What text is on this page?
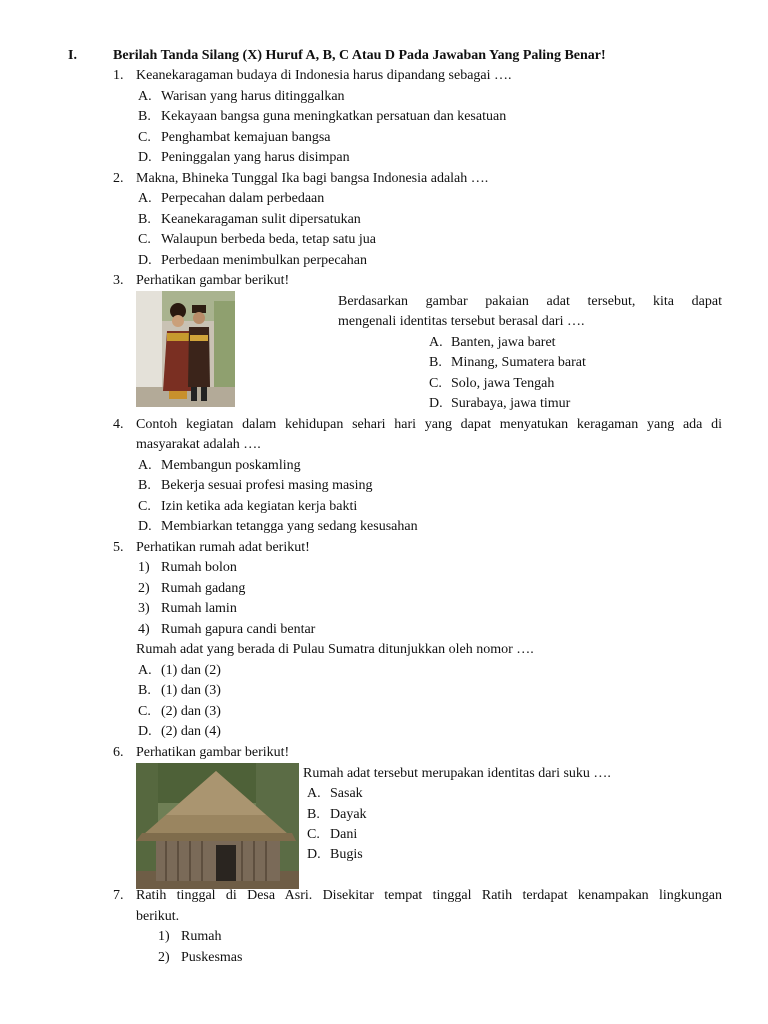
I.	Berilah Tanda Silang (X) Huruf A, B, C Atau D Pada Jawaban Yang Paling Benar!
1. Keanekaragaman budaya di Indonesia harus dipandang sebagai ….
A. Warisan yang harus ditinggalkan
B. Kekayaan bangsa guna meningkatkan persatuan dan kesatuan
C. Penghambat kemajuan bangsa
D. Peninggalan yang harus disimpan
2. Makna, Bhineka Tunggal Ika bagi bangsa Indonesia adalah ….
A. Perpecahan dalam perbedaan
B. Keanekaragaman sulit dipersatukan
C. Walaupun berbeda beda, tetap satu jua
D. Perbedaan menimbulkan perpecahan
3. Perhatikan gambar berikut!
Berdasarkan gambar pakaian adat tersebut, kita dapat
mengenali identitas tersebut berasal dari ….
A. Banten, jawa baret
B. Minang, Sumatera barat
C. Solo, jawa Tengah
D. Surabaya, jawa timur
4. Contoh kegiatan dalam kehidupan sehari hari yang dapat menyatukan keragaman yang ada di
masyarakat adalah ….
A. Membangun poskamling
B. Bekerja sesuai profesi masing masing
C. Izin ketika ada kegiatan kerja bakti
D. Membiarkan tetangga yang sedang kesusahan
5. Perhatikan rumah adat berikut!
1) Rumah bolon
2) Rumah gadang
3) Rumah lamin
4) Rumah gapura candi bentar
Rumah adat yang berada di Pulau Sumatra ditunjukkan oleh nomor ….
A. (1) dan (2)
B. (1) dan (3)
C. (2) dan (3)
D. (2) dan (4)
6. Perhatikan gambar berikut!
Rumah adat tersebut merupakan identitas dari suku ….
A. Sasak
B. Dayak
C. Dani
D. Bugis
7. Ratih tinggal di Desa Asri. Disekitar tempat tinggal Ratih terdapat kenampakan lingkungan
berikut.
1) Rumah
2) Puskesmas
